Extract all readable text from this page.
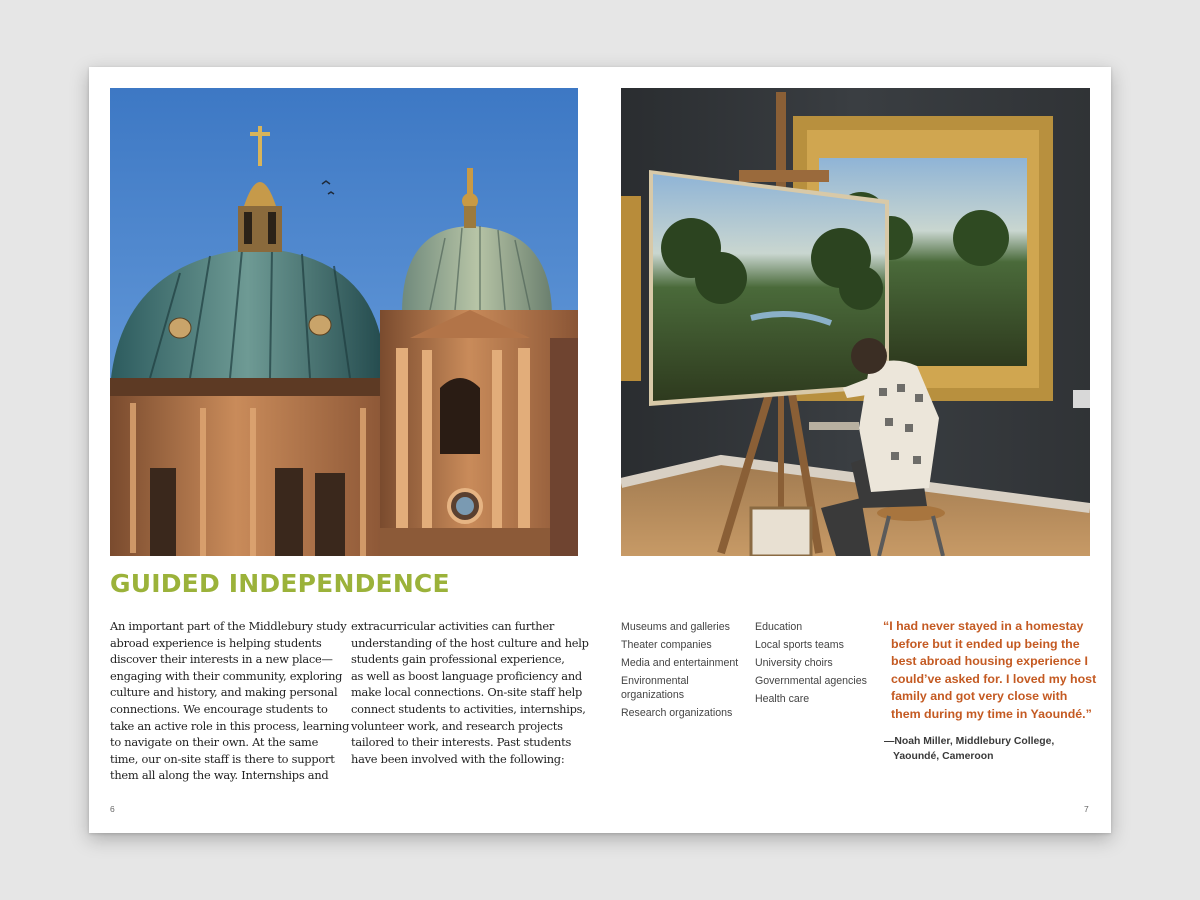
GUIDED INDEPENDENCE
An important part of the Middlebury study
abroad experience is helping students
discover their interests in a new place—
engaging with their community, exploring
culture and history, and making personal
connections. We encourage students to
take an active role in this process, learning
to navigate on their own. At the same
time, our on-site staff is there to support
them all along the way. Internships and
extracurricular activities can further
understanding of the host culture and help
students gain professional experience,
as well as boost language proficiency and
make local connections. On-site staff help
connect students to activities, internships,
volunteer work, and research projects
tailored to their interests. Past students
have been involved with the following:
Museums and galleries
Theater companies
Media and entertainment
Environmental organizations
Research organizations
Education
Local sports teams
University choirs
Governmental agencies
Health care
“I had never stayed in a homestay
before but it ended up being the
best abroad housing experience I
could’ve asked for. I loved my host
family and got very close with
them during my time in Yaoundé.”
—Noah Miller, Middlebury College,
Yaoundé, Cameroon
6	7
